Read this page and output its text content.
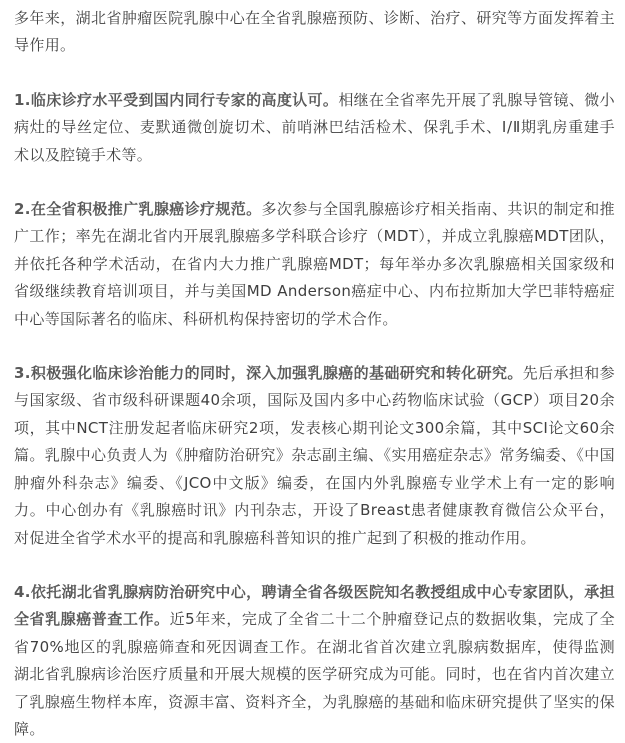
多年来，湖北省肿瘤医院乳腺中心在全省乳腺癌预防、诊断、治疗、研究等方面发挥着主导作用。

1.临床诊疗水平受到国内同行专家的高度认可。相继在全省率先开展了乳腺导管镜、微小病灶的导丝定位、麦默通微创旋切术、前哨淋巴结活检术、保乳手术、Ⅰ/Ⅱ期乳房重建手术以及腔镜手术等。

2.在全省积极推广乳腺癌诊疗规范。多次参与全国乳腺癌诊疗相关指南、共识的制定和推广工作；率先在湖北省内开展乳腺癌多学科联合诊疗（MDT），并成立乳腺癌MDT团队，并依托各种学术活动，在省内大力推广乳腺癌MDT；每年举办多次乳腺癌相关国家级和省级继续教育培训项目，并与美国MD Anderson癌症中心、内布拉斯加大学巴菲特癌症中心等国际著名的临床、科研机构保持密切的学术合作。

3.积极强化临床诊治能力的同时，深入加强乳腺癌的基础研究和转化研究。先后承担和参与国家级、省市级科研课题40余项，国际及国内多中心药物临床试验（GCP）项目20余项，其中NCT注册发起者临床研究2项，发表核心期刊论文300余篇，其中SCI论文60余篇。乳腺中心负责人为《肿瘤防治研究》杂志副主编、《实用癌症杂志》常务编委、《中国肿瘤外科杂志》编委、《JCO中文版》编委，在国内外乳腺癌专业学术上有一定的影响力。中心创办有《乳腺癌时讯》内刊杂志，开设了Breast患者健康教育微信公众平台，对促进全省学术水平的提高和乳腺癌科普知识的推广起到了积极的推动作用。

4.依托湖北省乳腺病防治研究中心，聘请全省各级医院知名教授组成中心专家团队，承担全省乳腺癌普查工作。近5年来，完成了全省二十二个肿瘤登记点的数据收集，完成了全省70%地区的乳腺癌筛查和死因调查工作。在湖北省首次建立乳腺病数据库，使得监测湖北省乳腺病诊治医疗质量和开展大规模的医学研究成为可能。同时，也在省内首次建立了乳腺癌生物样本库，资源丰富、资料齐全，为乳腺癌的基础和临床研究提供了坚实的保障。
